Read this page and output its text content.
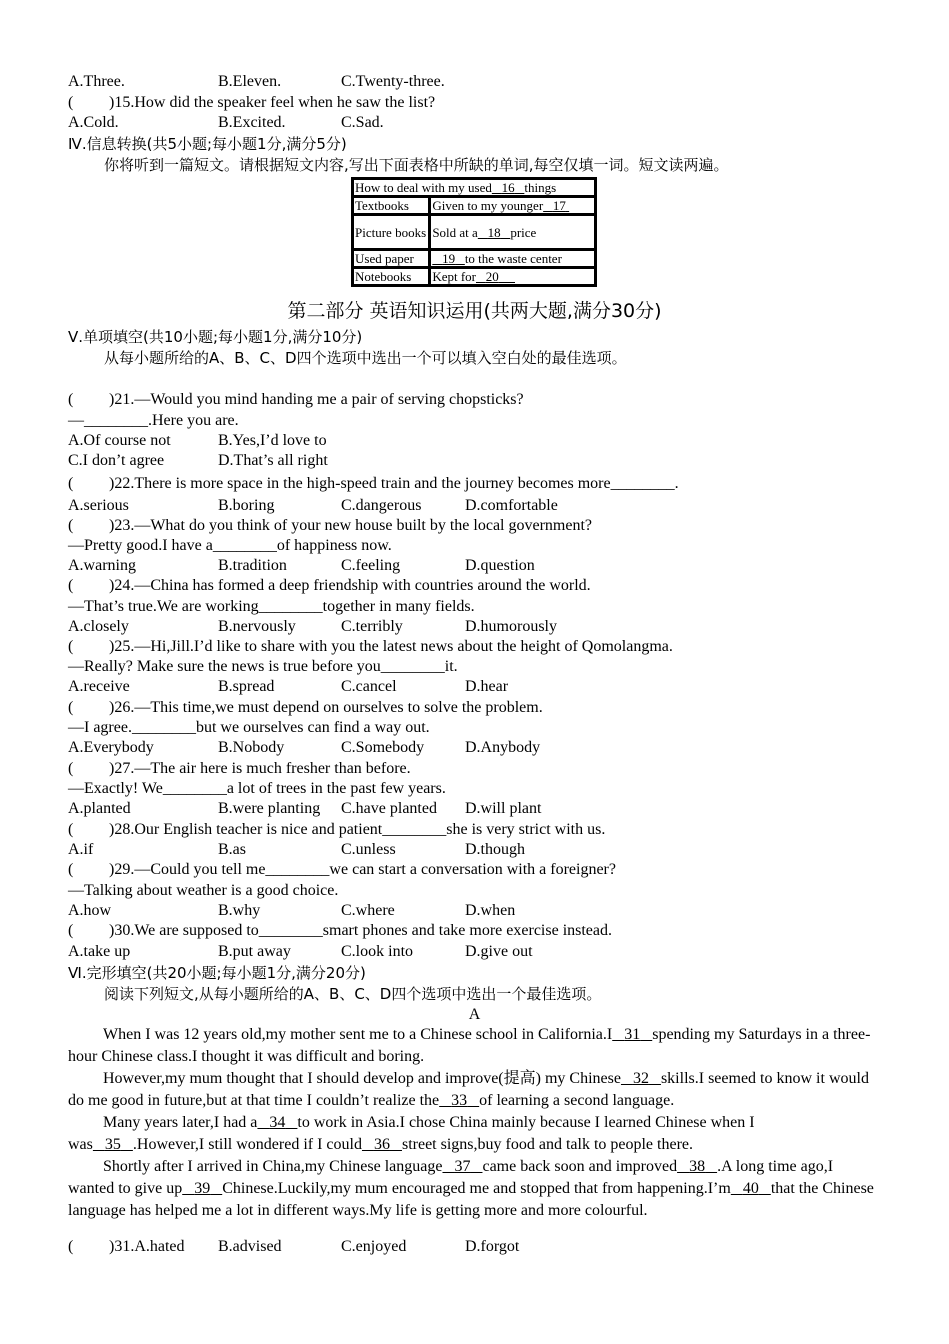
A.Three.	B.Eleven.	C.Twenty-three.
( )15.How did the speaker feel when he saw the list?
A.Cold.	B.Excited.	C.Sad.
Ⅳ.信息转换(共5小题;每小题1分,满分5分)
你将听到一篇短文。请根据短文内容,写出下面表格中所缺的单词,每空仅填一词。短文读两遍。
How to deal with my used 16 things	
Textbooks	Given to my younger 17
Picture books	Sold at a 18 price
Used paper	19 to the waste center
Notebooks	Kept for 20
第二部分 英语知识运用(共两大题,满分30分)
Ⅴ.单项填空(共10小题;每小题1分,满分10分)
从每小题所给的A、B、C、D四个选项中选出一个可以填入空白处的最佳选项。
( )21.—Would you mind handing me a pair of serving chopsticks?
—________.Here you are.
A.Of course not	B.Yes,I’d love to
C.I don’t agree	D.That’s all right
( )22.There is more space in the high-speed train and the journey becomes more________.
A.serious	B.boring	C.dangerous	D.comfortable
( )23.—What do you think of your new house built by the local government?
—Pretty good.I have a________of happiness now.
A.warning	B.tradition	C.feeling	D.question
( )24.—China has formed a deep friendship with countries around the world.
—That’s true.We are working________together in many fields.
A.closely	B.nervously	C.terribly	D.humorously
( )25.—Hi,Jill.I’d like to share with you the latest news about the height of Qomolangma.
—Really? Make sure the news is true before you________it.
A.receive	B.spread	C.cancel	D.hear
( )26.—This time,we must depend on ourselves to solve the problem.
—I agree.________but we ourselves can find a way out.
A.Everybody	B.Nobody	C.Somebody	D.Anybody
( )27.—The air here is much fresher than before.
—Exactly! We________a lot of trees in the past few years.
A.planted	B.were planting C.have planted D.will plant
( )28.Our English teacher is nice and patient________she is very strict with us.
A.if	B.as	C.unless	D.though
( )29.—Could you tell me________we can start a conversation with a foreigner?
—Talking about weather is a good choice.
A.how	B.why	C.where	D.when
( )30.We are supposed to________smart phones and take more exercise instead.
A.take up	B.put away	C.look into	D.give out
Ⅵ.完形填空(共20小题;每小题1分,满分20分)
阅读下列短文,从每小题所给的A、B、C、D四个选项中选出一个最佳选项。
A

When I was 12 years old,my mother sent me to a Chinese school in California.I 31 spending my Saturdays in a three-hour Chinese class.I thought it was difficult and boring.

However,my mum thought that I should develop and improve(提高) my Chinese 32 skills.I seemed to know it would do me good in future,but at that time I couldn’t realize the 33 of learning a second language.

Many years later,I had a 34 to work in Asia.I chose China mainly because I learned Chinese when I was 35 .However,I still wondered if I could 36 street signs,buy food and talk to people there.

Shortly after I arrived in China,my Chinese language 37 came back soon and improved 38 .A long time ago,I wanted to give up 39 Chinese.Luckily,my mum encouraged me and stopped that from happening.I’m 40 that the Chinese language has helped me a lot in different ways.My life is getting more and more colourful.

( )31.A.hated B.advised	C.enjoyed	D.forgot
